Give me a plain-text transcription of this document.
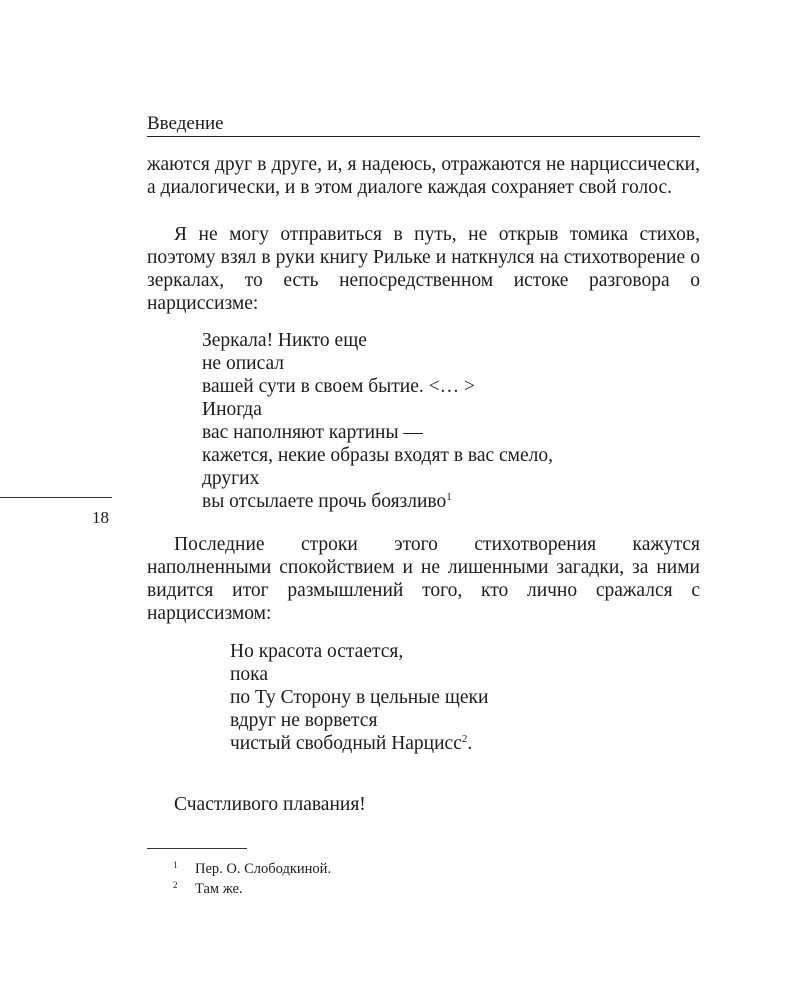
Введение

жаются друг в друге, и, я надеюсь, отражаются не нарциссически, а диалогически, и в этом диалоге каждая сохраняет свой голос.

Я не могу отправиться в путь, не открыв томика стихов, поэтому взял в руки книгу Рильке и наткнулся на стихотворение о зеркалах, то есть непосредственном истоке разговора о нарциссизме:

Зеркала! Никто еще
не описал
вашей сути в своем бытие. <… >
Иногда
вас наполняют картины —
кажется, некие образы входят в вас смело,
других
вы отсылаете прочь боязливо$^1$
18

Последние строки этого стихотворения кажутся наполненными спокойствием и не лишенными загадки, за ними видится итог размышлений того, кто лично сражался с нарциссизмом:

Но красота остается,
пока
по Ту Сторону в цельные щеки
вдруг не ворвется
чистый свободный Нарцисс$^2$.
Счастливого плавания!
1 Пер. О. Слободкиной.
2 Там же.
